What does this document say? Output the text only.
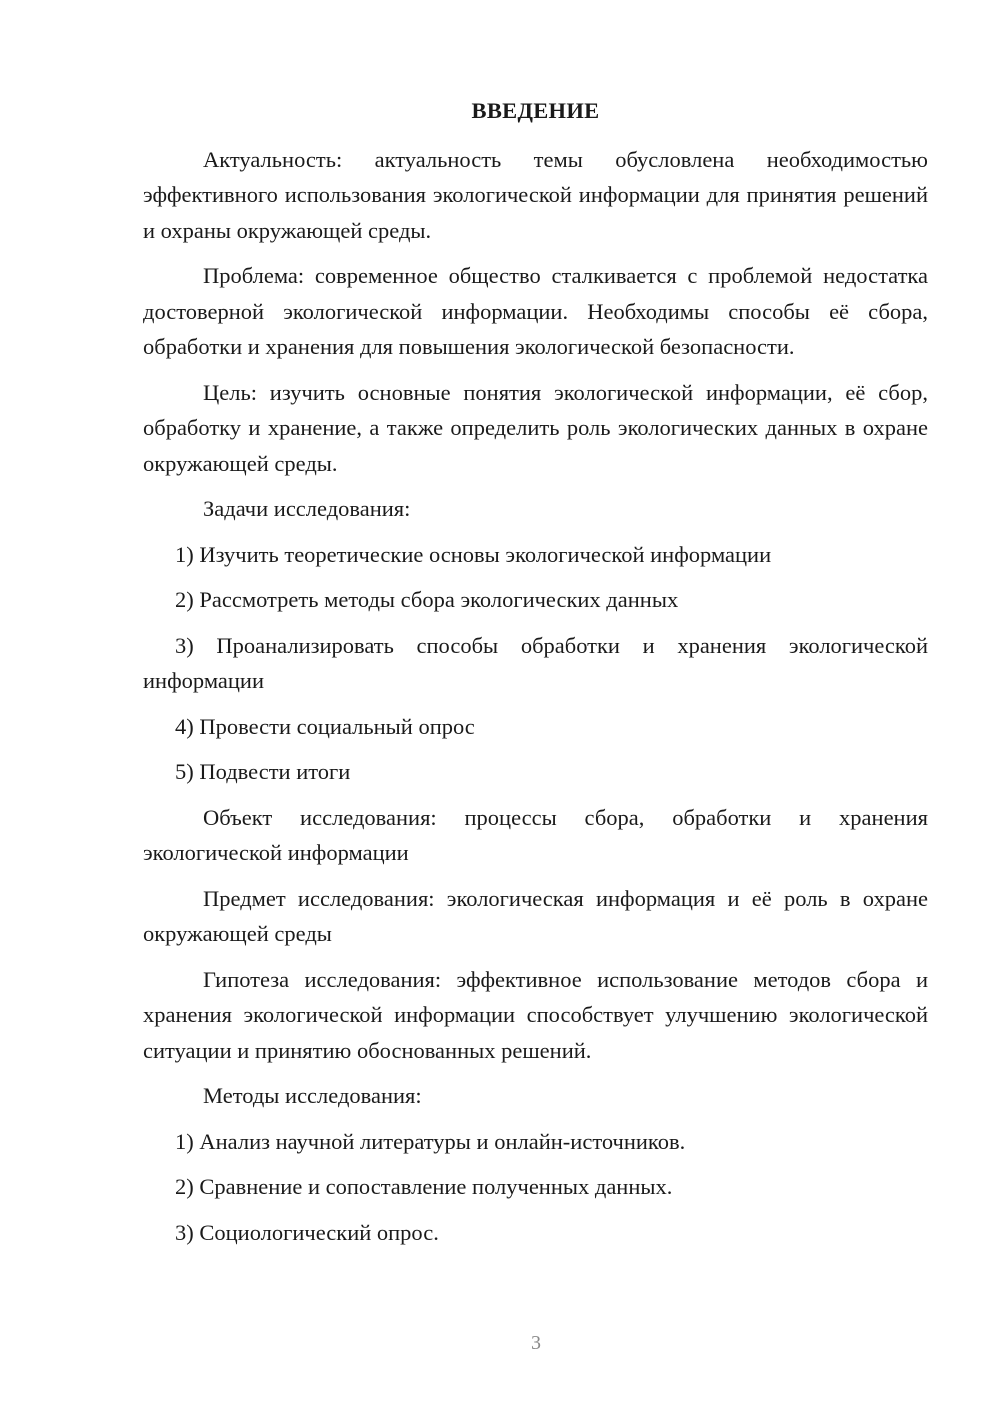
ВВЕДЕНИЕ

Актуальность: актуальность темы обусловлена необходимостью эффективного использования экологической информации для принятия решений и охраны окружающей среды.

Проблема: современное общество сталкивается с проблемой недостатка достоверной экологической информации. Необходимы способы её сбора, обработки и хранения для повышения экологической безопасности.

Цель: изучить основные понятия экологической информации, её сбор, обработку и хранение, а также определить роль экологических данных в охране окружающей среды.

Задачи исследования:

1) Изучить теоретические основы экологической информации

2) Рассмотреть методы сбора экологических данных

3) Проанализировать способы обработки и хранения экологической информации

4) Провести социальный опрос

5) Подвести итоги

Объект исследования: процессы сбора, обработки и хранения экологической информации

Предмет исследования: экологическая информация и её роль в охране окружающей среды

Гипотеза исследования: эффективное использование методов сбора и хранения экологической информации способствует улучшению экологической ситуации и принятию обоснованных решений.

Методы исследования:

1) Анализ научной литературы и онлайн-источников.

2) Сравнение и сопоставление полученных данных.

3) Социологический опрос.

3
